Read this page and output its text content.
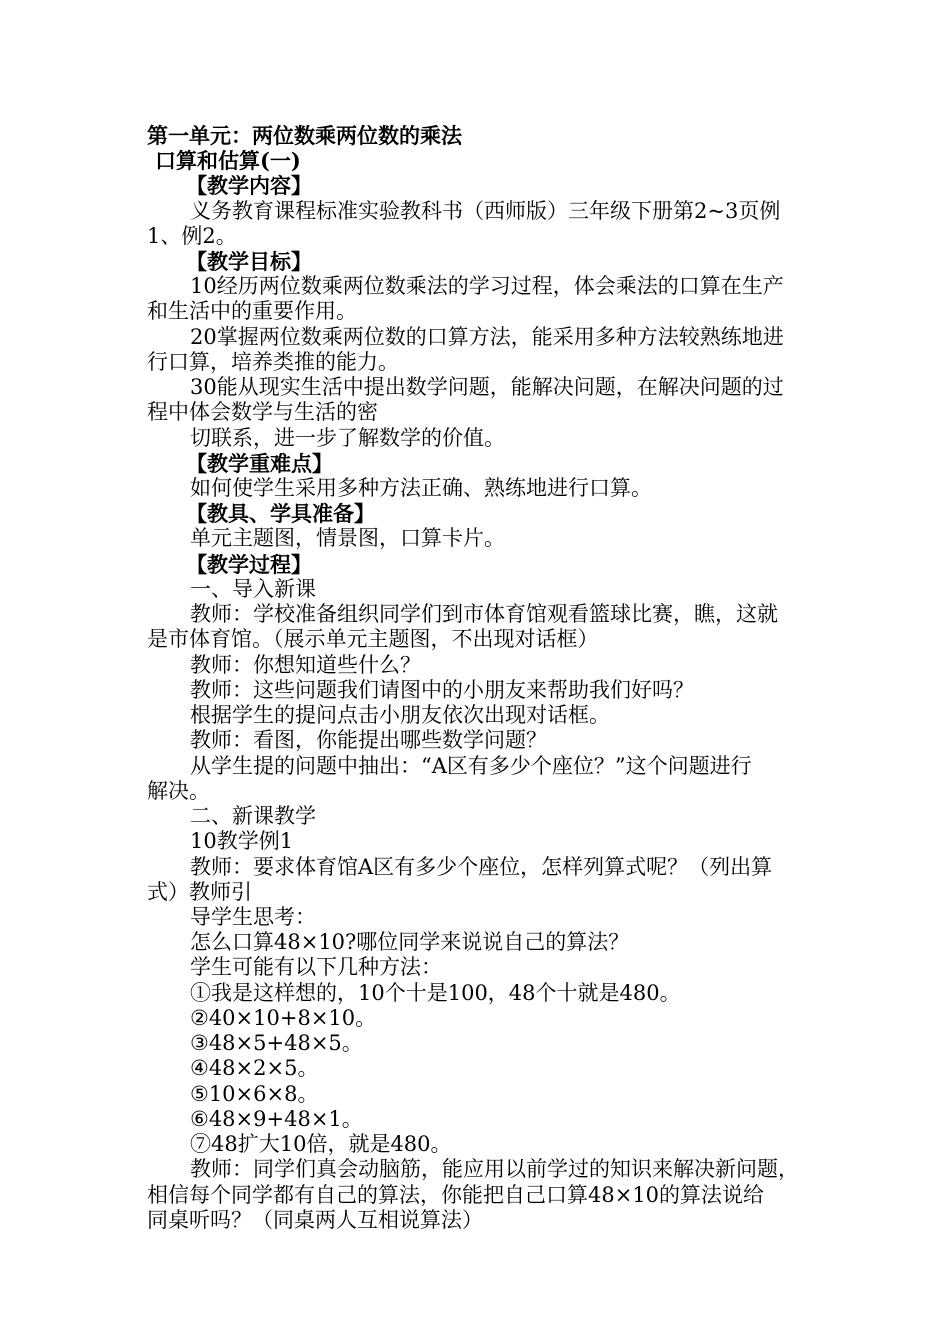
第一单元：两位数乘两位数的乘法
口算和估算(一)
【教学内容】
义务教育课程标准实验教科书（西师版）三年级下册第2~3页例
1、例2。
【教学目标】
10经历两位数乘两位数乘法的学习过程，体会乘法的口算在生产
和生活中的重要作用。
20掌握两位数乘两位数的口算方法，能采用多种方法较熟练地进
行口算，培养类推的能力。
30能从现实生活中提出数学问题，能解决问题，在解决问题的过
程中体会数学与生活的密
切联系，进一步了解数学的价值。
【教学重难点】
如何使学生采用多种方法正确、熟练地进行口算。
【教具、学具准备】
单元主题图，情景图，口算卡片。
【教学过程】
一、导入新课
教师：学校准备组织同学们到市体育馆观看篮球比赛，瞧，这就
是市体育馆。（展示单元主题图，不出现对话框）
教师：你想知道些什么？
教师：这些问题我们请图中的小朋友来帮助我们好吗？
根据学生的提问点击小朋友依次出现对话框。
教师：看图，你能提出哪些数学问题？
从学生提的问题中抽出：“A区有多少个座位？”这个问题进行
解决。
二、新课教学
10教学例1
教师：要求体育馆A区有多少个座位，怎样列算式呢？（列出算
式）教师引
导学生思考：
怎么口算48×10?哪位同学来说说自己的算法？
学生可能有以下几种方法：
①我是这样想的，10个十是100，48个十就是480。
②40×10+8×10。
③48×5+48×5。
④48×2×5。
⑤10×6×8。
⑥48×9+48×1。
⑦48扩大10倍，就是480。
教师：同学们真会动脑筋，能应用以前学过的知识来解决新问题，
相信每个同学都有自己的算法，你能把自己口算48×10的算法说给
同桌听吗？（同桌两人互相说算法）
